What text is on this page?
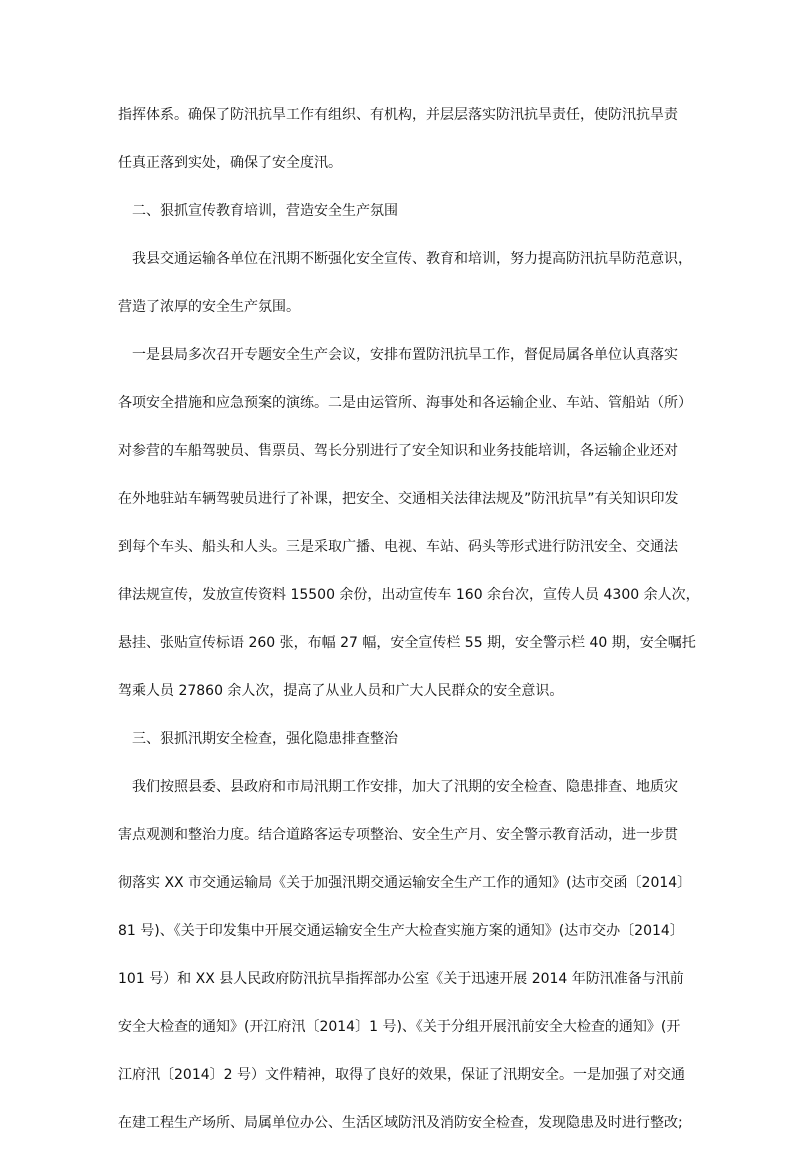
指挥体系。确保了防汛抗旱工作有组织、有机构，并层层落实防汛抗旱责任，使防汛抗旱责
任真正落到实处，确保了安全度汛。
二、狠抓宣传教育培训，营造安全生产氛围
我县交通运输各单位在汛期不断强化安全宣传、教育和培训，努力提高防汛抗旱防范意识，
营造了浓厚的安全生产氛围。
一是县局多次召开专题安全生产会议，安排布置防汛抗旱工作，督促局属各单位认真落实
各项安全措施和应急预案的演练。二是由运管所、海事处和各运输企业、车站、管船站（所）
对参营的车船驾驶员、售票员、驾长分别进行了安全知识和业务技能培训，各运输企业还对
在外地驻站车辆驾驶员进行了补课，把安全、交通相关法律法规及”防汛抗旱”有关知识印发
到每个车头、船头和人头。三是采取广播、电视、车站、码头等形式进行防汛安全、交通法
律法规宣传，发放宣传资料 15500 余份，出动宣传车 160 余台次，宣传人员 4300 余人次，
悬挂、张贴宣传标语 260 张，布幅 27 幅，安全宣传栏 55 期，安全警示栏 40 期，安全嘱托
驾乘人员 27860 余人次，提高了从业人员和广大人民群众的安全意识。
三、狠抓汛期安全检查，强化隐患排查整治
我们按照县委、县政府和市局汛期工作安排，加大了汛期的安全检查、隐患排查、地质灾
害点观测和整治力度。结合道路客运专项整治、安全生产月、安全警示教育活动，进一步贯
彻落实 XX 市交通运输局《关于加强汛期交通运输安全生产工作的通知》(达市交函〔2014〕
81 号)、《关于印发集中开展交通运输安全生产大检查实施方案的通知》(达市交办〔2014〕
101 号）和 XX 县人民政府防汛抗旱指挥部办公室《关于迅速开展 2014 年防汛准备与汛前
安全大检查的通知》(开江府汛〔2014〕1 号)、《关于分组开展汛前安全大检查的通知》(开
江府汛〔2014〕2 号）文件精神，取得了良好的效果，保证了汛期安全。一是加强了对交通
在建工程生产场所、局属单位办公、生活区域防汛及消防安全检查，发现隐患及时进行整改;
